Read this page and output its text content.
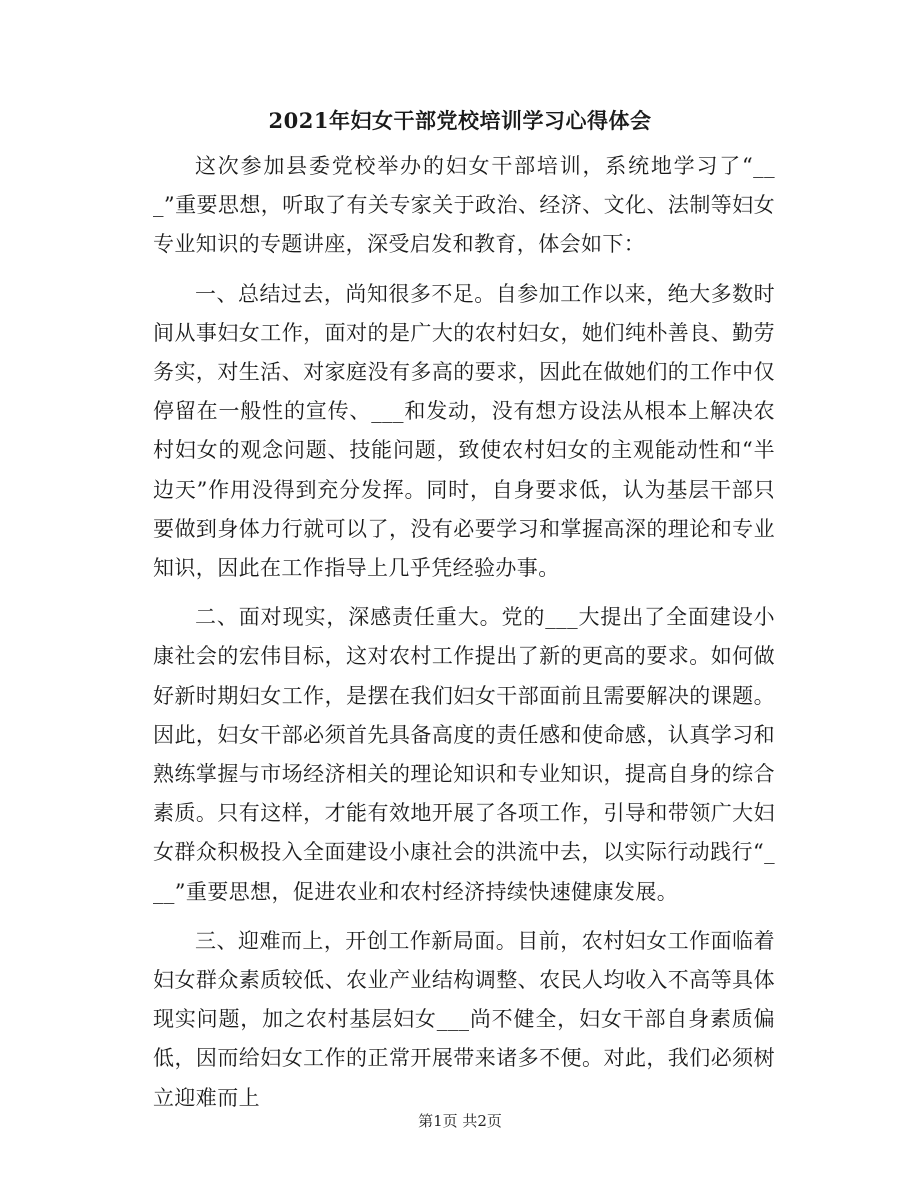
2021年妇女干部党校培训学习心得体会

这次参加县委党校举办的妇女干部培训，系统地学习了“___”重要思想，听取了有关专家关于政治、经济、文化、法制等妇女专业知识的专题讲座，深受启发和教育，体会如下：

一、总结过去，尚知很多不足。自参加工作以来，绝大多数时间从事妇女工作，面对的是广大的农村妇女，她们纯朴善良、勤劳务实，对生活、对家庭没有多高的要求，因此在做她们的工作中仅停留在一般性的宣传、___和发动，没有想方设法从根本上解决农村妇女的观念问题、技能问题，致使农村妇女的主观能动性和“半边天”作用没得到充分发挥。同时，自身要求低，认为基层干部只要做到身体力行就可以了，没有必要学习和掌握高深的理论和专业知识，因此在工作指导上几乎凭经验办事。

二、面对现实，深感责任重大。党的___大提出了全面建设小康社会的宏伟目标，这对农村工作提出了新的更高的要求。如何做好新时期妇女工作，是摆在我们妇女干部面前且需要解决的课题。因此，妇女干部必须首先具备高度的责任感和使命感，认真学习和熟练掌握与市场经济相关的理论知识和专业知识，提高自身的综合素质。只有这样，才能有效地开展了各项工作，引导和带领广大妇女群众积极投入全面建设小康社会的洪流中去，以实际行动践行“___”重要思想，促进农业和农村经济持续快速健康发展。

三、迎难而上，开创工作新局面。目前，农村妇女工作面临着妇女群众素质较低、农业产业结构调整、农民人均收入不高等具体现实问题，加之农村基层妇女___尚不健全，妇女干部自身素质偏低，因而给妇女工作的正常开展带来诸多不便。对此，我们必须树立迎难而上

第1页 共2页
